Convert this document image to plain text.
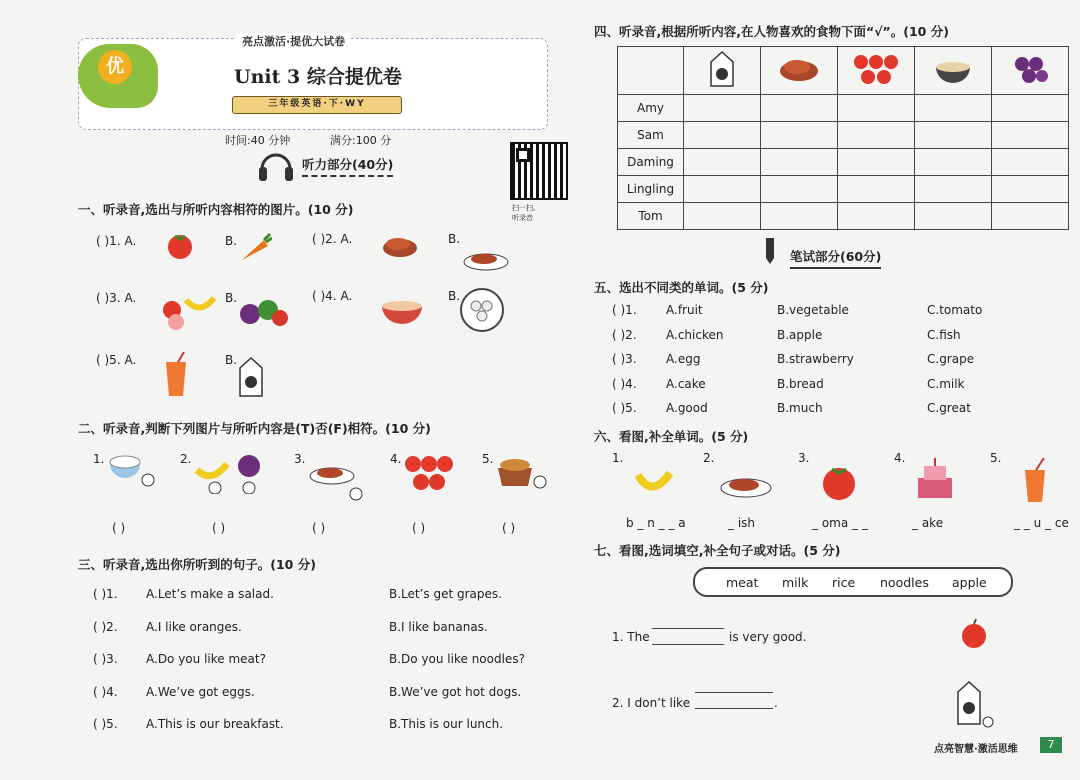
优
亮点激活·提优大试卷
Unit 3 综合提优卷
三年级英语·下·WY
时间:40 分钟	满分:100 分
听力部分(40分)
扫一扫,听录音
一、听录音,选出与所听内容相符的图片。(10 分)
( )1. A.	B.	( )2. A.	B.
( )3. A.	B.	( )4. A.	B.
( )5. A.	B.
二、听录音,判断下列图片与所听内容是(T)否(F)相符。(10 分)
1.	2.	3.	4.	5.
( )	( )	( )	( )	( )
三、听录音,选出你所听到的句子。(10 分)
( )1. A.Let’s make a salad.	B.Let’s get grapes.
( )2. A.I like oranges.	B.I like bananas.
( )3. A.Do you like meat?	B.Do you like noodles?
( )4. A.We’ve got eggs.	B.We’ve got hot dogs.
( )5. A.This is our breakfast.	B.This is our lunch.
四、听录音,根据所听内容,在人物喜欢的食物下面“√”。(10 分)

Amy					
Sam					
Daming					
Lingling					
Tom					
笔试部分(60分)
五、选出不同类的单词。(5 分)
( )1. A.fruit	B.vegetable	C.tomato
( )2. A.chicken	B.apple	C.fish
( )3. A.egg	B.strawberry	C.grape
( )4. A.cake	B.bread	C.milk
( )5. A.good	B.much	C.great
六、看图,补全单词。(5 分)
1.	2.	3.	4.	5.
b _ n _ _ a	_ ish	_ oma _ _	_ ake	_ _ u _ ce
七、看图,选词填空,补全句子或对话。(5 分)
meat milk rice noodles apple
1. The	is very good.
2. I don’t like	.
点亮智慧·激活思维	7
